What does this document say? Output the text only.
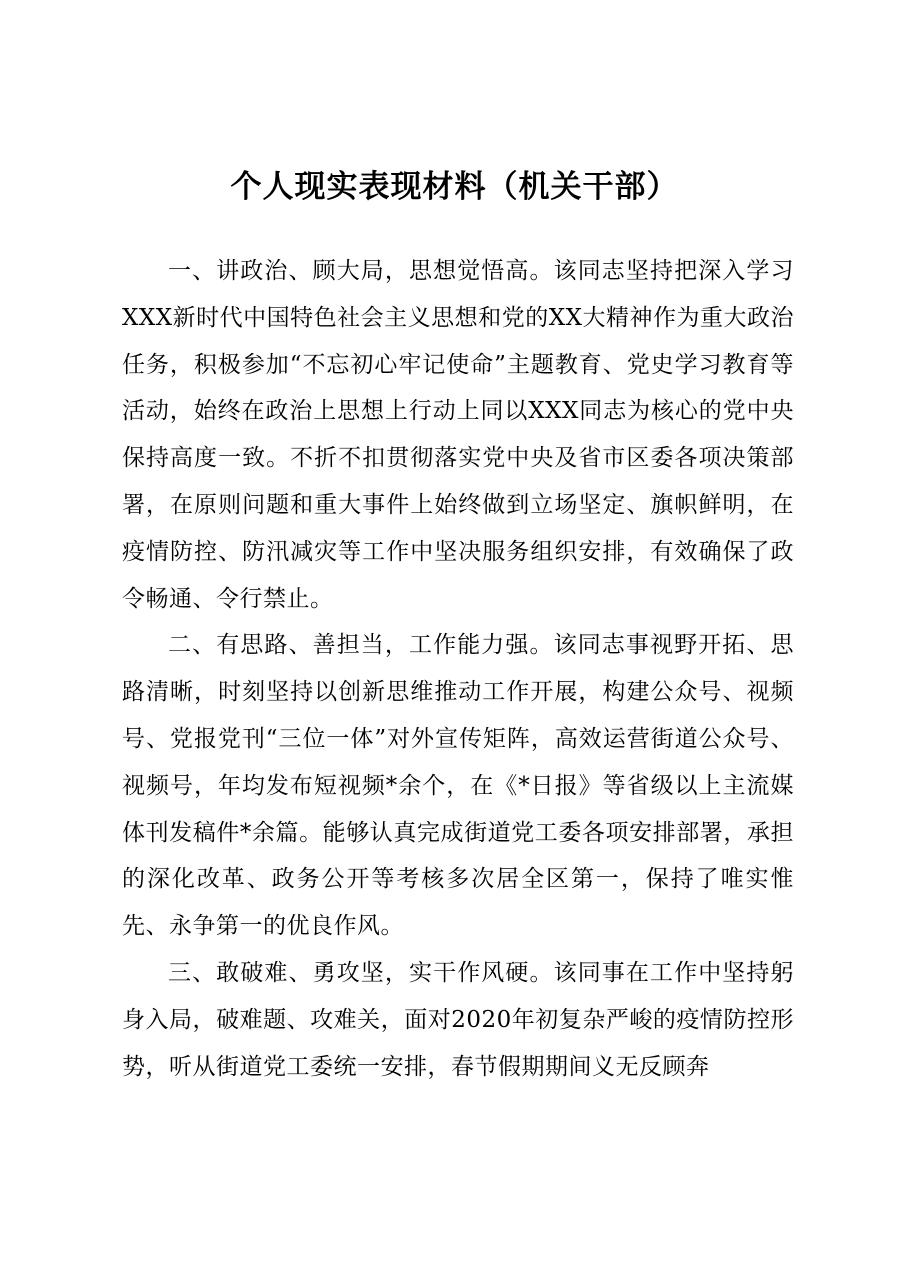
个人现实表现材料（机关干部）

一、讲政治、顾大局，思想觉悟高。该同志坚持把深入学习XXX新时代中国特色社会主义思想和党的XX大精神作为重大政治任务，积极参加“不忘初心牢记使命”主题教育、党史学习教育等活动，始终在政治上思想上行动上同以XXX同志为核心的党中央保持高度一致。不折不扣贯彻落实党中央及省市区委各项决策部署，在原则问题和重大事件上始终做到立场坚定、旗帜鲜明，在疫情防控、防汛减灾等工作中坚决服务组织安排，有效确保了政令畅通、令行禁止。

二、有思路、善担当，工作能力强。该同志事视野开拓、思路清晰，时刻坚持以创新思维推动工作开展，构建公众号、视频号、党报党刊“三位一体”对外宣传矩阵，高效运营街道公众号、视频号，年均发布短视频*余个，在《*日报》等省级以上主流媒体刊发稿件*余篇。能够认真完成街道党工委各项安排部署，承担的深化改革、政务公开等考核多次居全区第一，保持了唯实惟先、永争第一的优良作风。

三、敢破难、勇攻坚，实干作风硬。该同事在工作中坚持躬身入局，破难题、攻难关，面对2020年初复杂严峻的疫情防控形势，听从街道党工委统一安排，春节假期期间义无反顾奔
